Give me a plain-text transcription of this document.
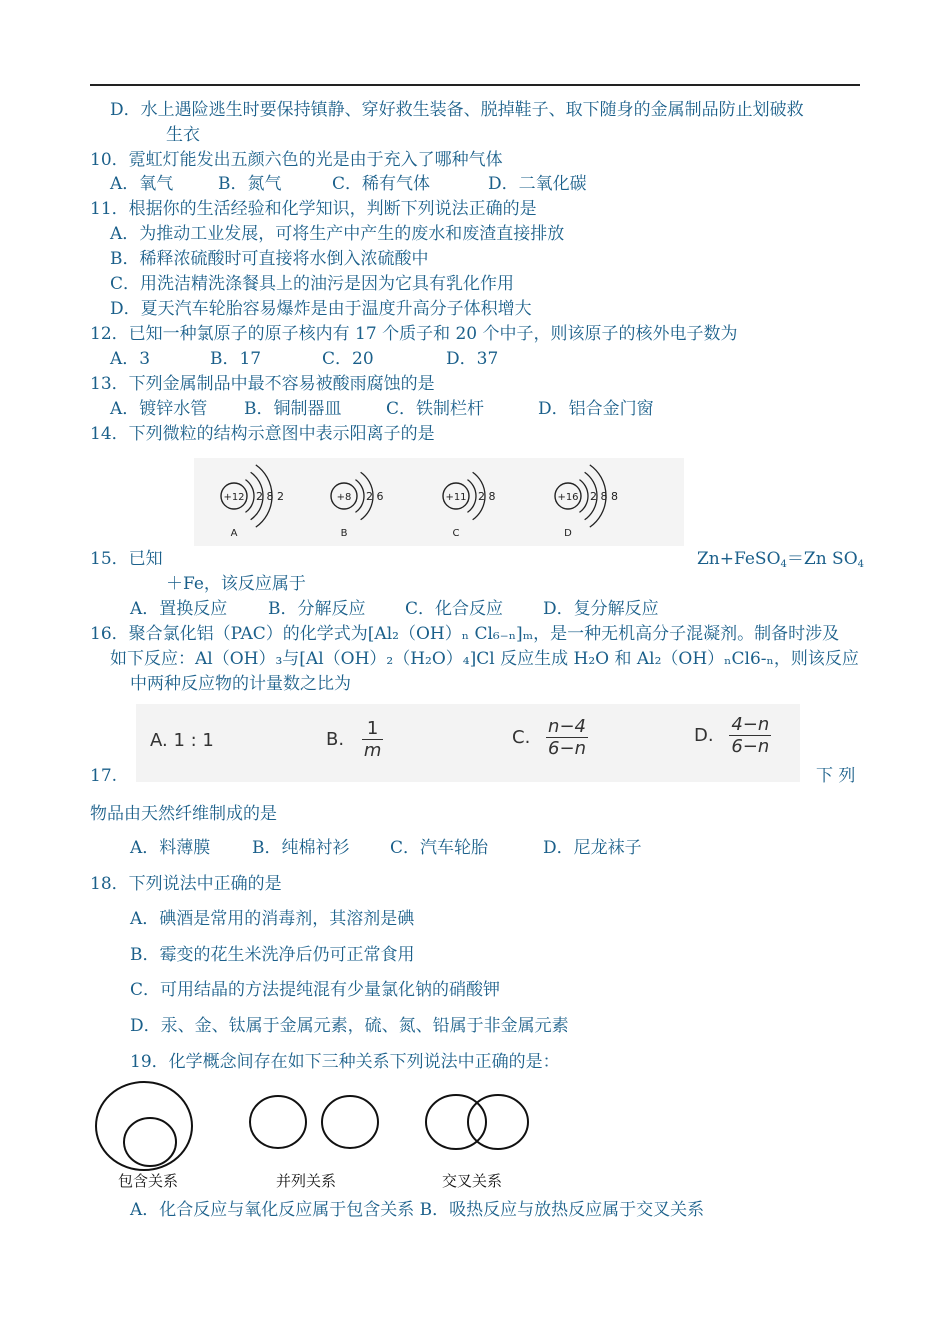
D．水上遇险逃生时要保持镇静、穿好救生装备、脱掉鞋子、取下随身的金属制品防止划破救
生衣
10．霓虹灯能发出五颜六色的光是由于充入了哪种气体
A．氧气	B．氮气	C．稀有气体	D．二氧化碳
11．根据你的生活经验和化学知识，判断下列说法正确的是
A．为推动工业发展，可将生产中产生的废水和废渣直接排放
B．稀释浓硫酸时可直接将水倒入浓硫酸中
C．用洗洁精洗涤餐具上的油污是因为它具有乳化作用
D．夏天汽车轮胎容易爆炸是由于温度升高分子体积增大
12．已知一种氯原子的原子核内有 17 个质子和 20 个中子，则该原子的核外电子数为
A．3	B．17	C．20	D．37
13．下列金属制品中最不容易被酸雨腐蚀的是
A．镀锌水管 B．铜制器皿	C．铁制栏杆	D．铝合金门窗
14．下列微粒的结构示意图中表示阳离子的是
+12 2 8 2
A
+8 2 6
B
+11 2 8
C
+16 2 8 8
D
15．已知	Zn+FeSO$_4$＝Zn $SO_4$
＋Fe，该反应属于
A．置换反应 B．分解反应 C．化合反应 D．复分解反应
16．聚合氯化铝（PAC）的化学式为[Al₂（OH）ₙ Cl₆₋ₙ]ₘ，是一种无机高分子混凝剂。制备时涉及
如下反应：Al（OH）₃与[Al（OH）₂（H₂O）₄]Cl 反应生成 H₂O 和 Al₂（OH）ₙCl6-ₙ，则该反应
中两种反应物的计量数之比为
A. 1 : 1	B. $\frac{1}{m}$	C. $\frac{n-4}{6-n}$	D. $\frac{4-n}{6-n}$
17.	下 列
物品由天然纤维制成的是
A．料薄膜 B．纯棉衬衫 C．汽车轮胎	D．尼龙袜子
18．下列说法中正确的是
A．碘酒是常用的消毒剂，其溶剂是碘
B．霉变的花生米洗净后仍可正常食用
C．可用结晶的方法提纯混有少量氯化钠的硝酸钾
D．汞、金、钛属于金属元素，硫、氮、铅属于非金属元素
19．化学概念间存在如下三种关系下列说法中正确的是：
包含关系	并列关系	交叉关系
A．化合反应与氧化反应属于包含关系 B．吸热反应与放热反应属于交叉关系
